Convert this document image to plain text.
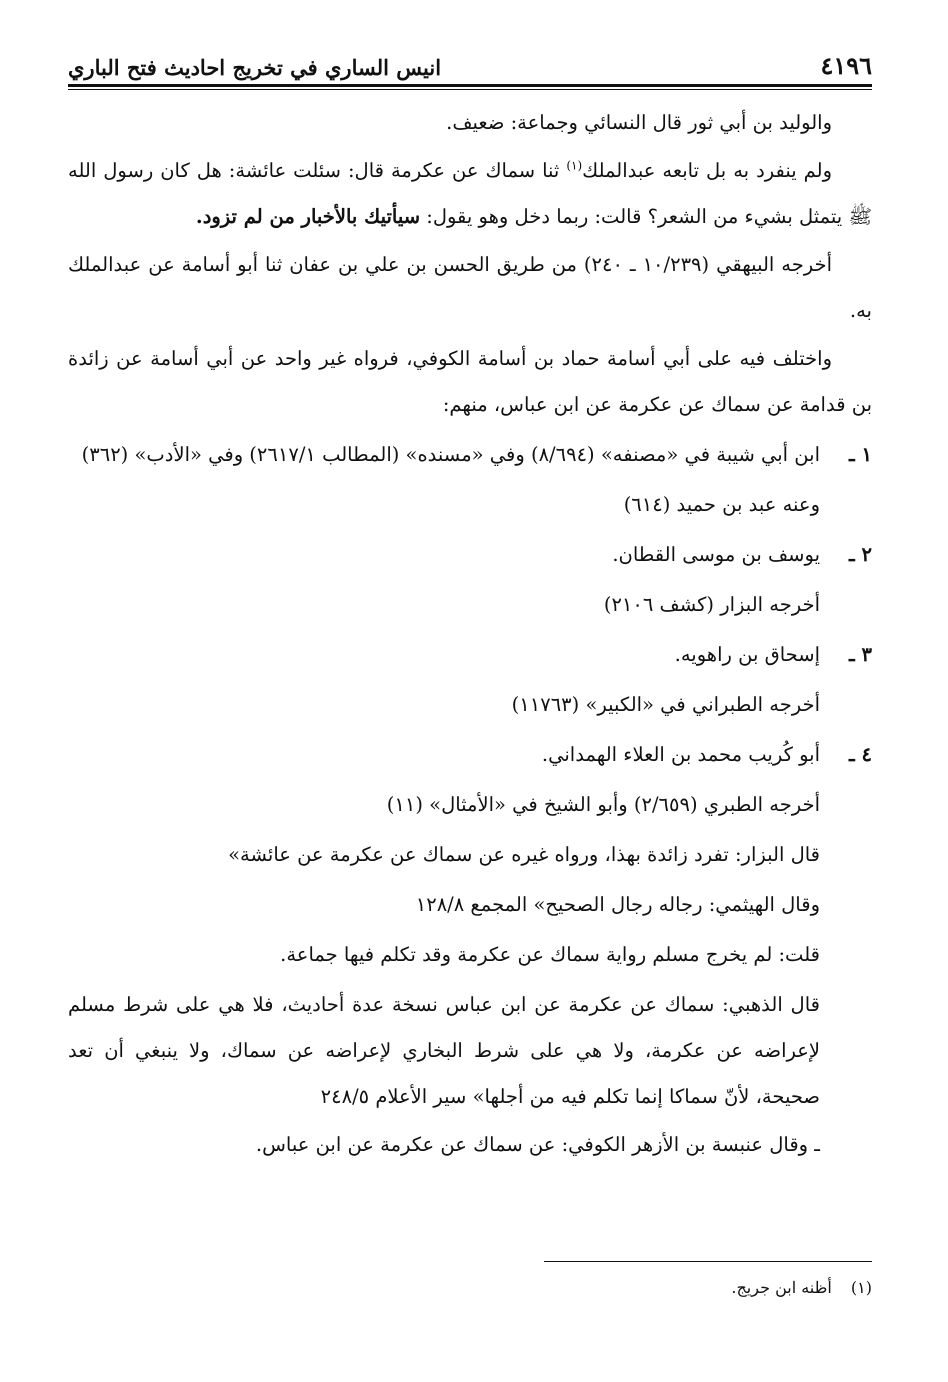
٤١٩٦
انيس الساري في تخريج احاديث فتح الباري

والوليد بن أبي ثور قال النسائي وجماعة: ضعيف.

ولم ينفرد به بل تابعه عبدالملك$^{(١)}$ ثنا سماك عن عكرمة قال: سئلت عائشة: هل كان رسول الله ﷺ يتمثل بشيء من الشعر؟ قالت: ربما دخل وهو يقول: سيأتيك بالأخبار من لم تزود.

أخرجه البيهقي (١٠/٢٣٩ ـ ٢٤٠) من طريق الحسن بن علي بن عفان ثنا أبو أسامة عن عبدالملك به.

واختلف فيه على أبي أسامة حماد بن أسامة الكوفي، فرواه غير واحد عن أبي أسامة عن زائدة بن قدامة عن سماك عن عكرمة عن ابن عباس، منهم:

١ ـ
ابن أبي شيبة في «مصنفه» (٨/٦٩٤) وفي «مسنده» (المطالب ٢٦١٧/١) وفي «الأدب» (٣٦٢)
وعنه عبد بن حميد (٦١٤)
٢ ـ
يوسف بن موسى القطان.
أخرجه البزار (كشف ٢١٠٦)
٣ ـ
إسحاق بن راهويه.
أخرجه الطبراني في «الكبير» (١١٧٦٣)
٤ ـ
أبو كُريب محمد بن العلاء الهمداني.
أخرجه الطبري (٢/٦٥٩) وأبو الشيخ في «الأمثال» (١١)
قال البزار: تفرد زائدة بهذا، ورواه غيره عن سماك عن عكرمة عن عائشة»
وقال الهيثمي: رجاله رجال الصحيح» المجمع ١٢٨/٨
قلت: لم يخرج مسلم رواية سماك عن عكرمة وقد تكلم فيها جماعة.

قال الذهبي: سماك عن عكرمة عن ابن عباس نسخة عدة أحاديث، فلا هي على شرط مسلم لإعراضه عن عكرمة، ولا هي على شرط البخاري لإعراضه عن سماك، ولا ينبغي أن تعد صحيحة، لأنّ سماكا إنما تكلم فيه من أجلها» سير الأعلام ٢٤٨/٥

ـ وقال عنبسة بن الأزهر الكوفي: عن سماك عن عكرمة عن ابن عباس.

(١) أظنه ابن جريج.
